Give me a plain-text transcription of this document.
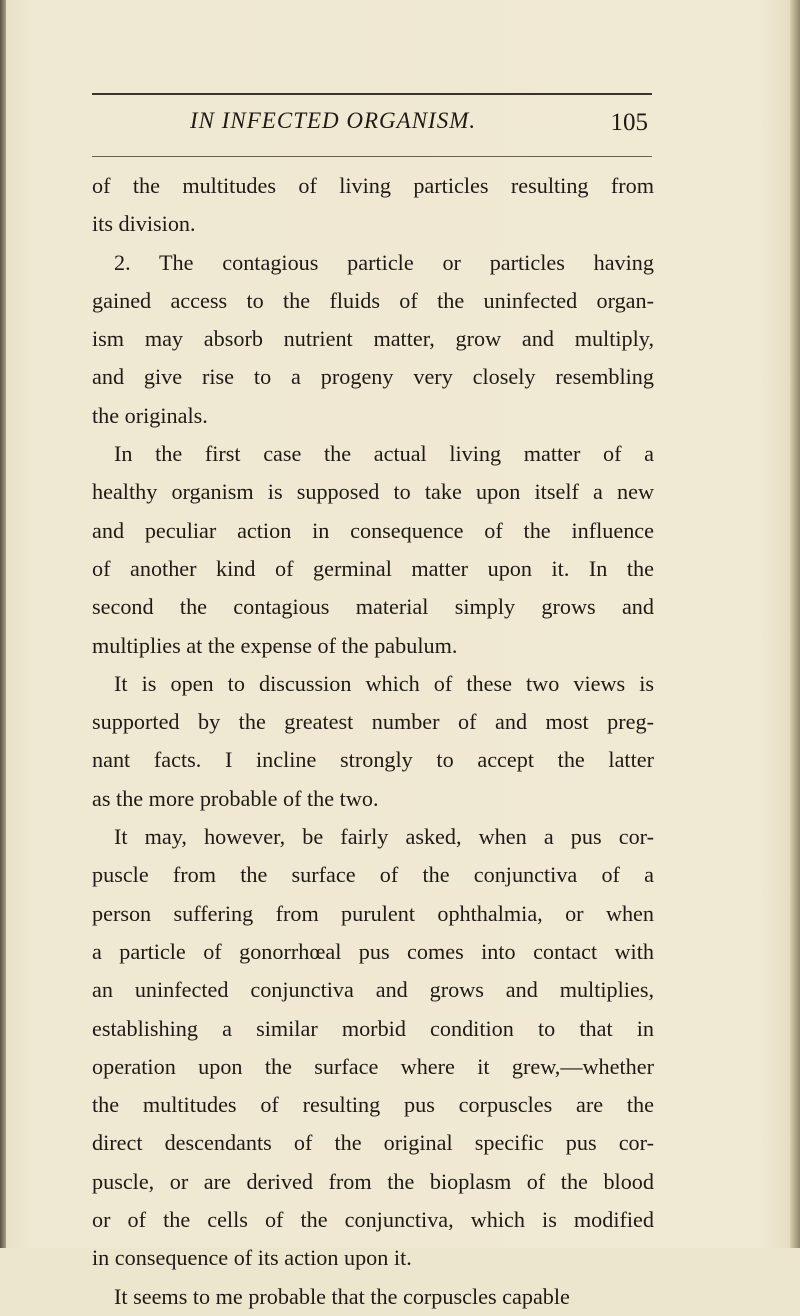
IN INFECTED ORGANISM.	105
of the multitudes of living particles resulting from
its division.
2. The contagious particle or particles having
gained access to the fluids of the uninfected organ-
ism may absorb nutrient matter, grow and multiply,
and give rise to a progeny very closely resembling
the originals.
In the first case the actual living matter of a
healthy organism is supposed to take upon itself a new
and peculiar action in consequence of the influence
of another kind of germinal matter upon it. In the
second the contagious material simply grows and
multiplies at the expense of the pabulum.
It is open to discussion which of these two views is
supported by the greatest number of and most preg-
nant facts. I incline strongly to accept the latter
as the more probable of the two.
It may, however, be fairly asked, when a pus cor-
puscle from the surface of the conjunctiva of a
person suffering from purulent ophthalmia, or when
a particle of gonorrhœal pus comes into contact with
an uninfected conjunctiva and grows and multiplies,
establishing a similar morbid condition to that in
operation upon the surface where it grew,—whether
the multitudes of resulting pus corpuscles are the
direct descendants of the original specific pus cor-
puscle, or are derived from the bioplasm of the blood
or of the cells of the conjunctiva, which is modified
in consequence of its action upon it.
It seems to me probable that the corpuscles capable
